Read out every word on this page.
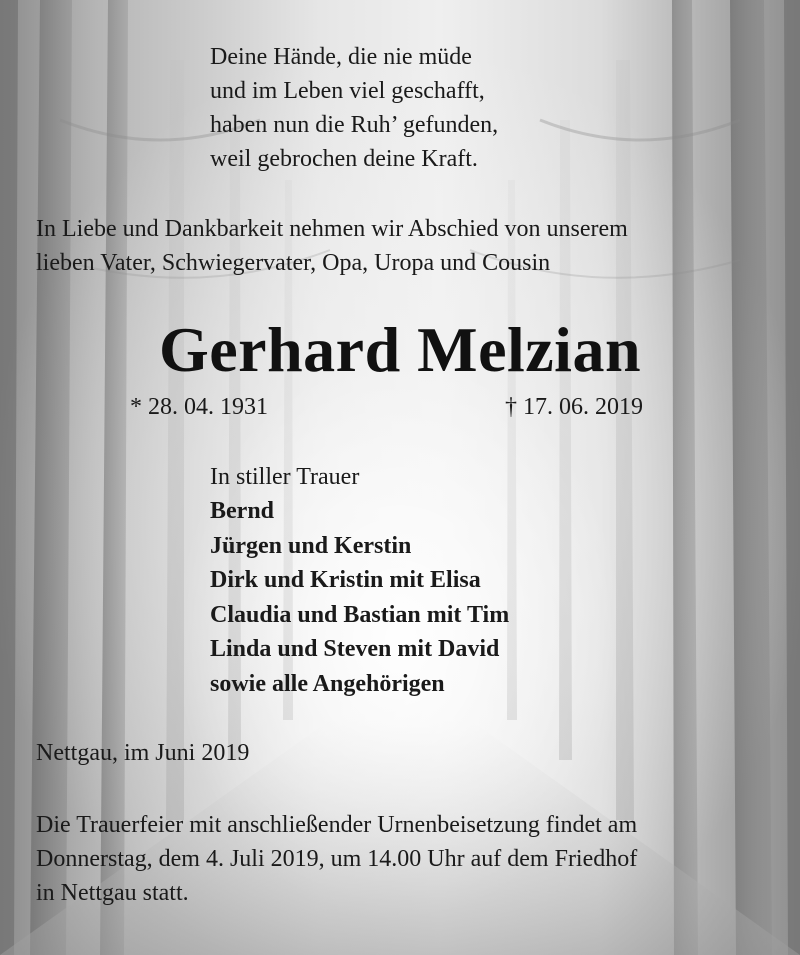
Deine Hände, die nie müde
und im Leben viel geschafft,
haben nun die Ruh’ gefunden,
weil gebrochen deine Kraft.
In Liebe und Dankbarkeit nehmen wir Abschied von unserem
lieben Vater, Schwiegervater, Opa, Uropa und Cousin
Gerhard Melzian
* 28. 04. 1931	† 17. 06. 2019
In stiller Trauer
Bernd
Jürgen und Kerstin
Dirk und Kristin mit Elisa
Claudia und Bastian mit Tim
Linda und Steven mit David
sowie alle Angehörigen
Nettgau, im Juni 2019
Die Trauerfeier mit anschließender Urnenbeisetzung findet am
Donnerstag, dem 4. Juli 2019, um 14.00 Uhr auf dem Friedhof
in Nettgau statt.
